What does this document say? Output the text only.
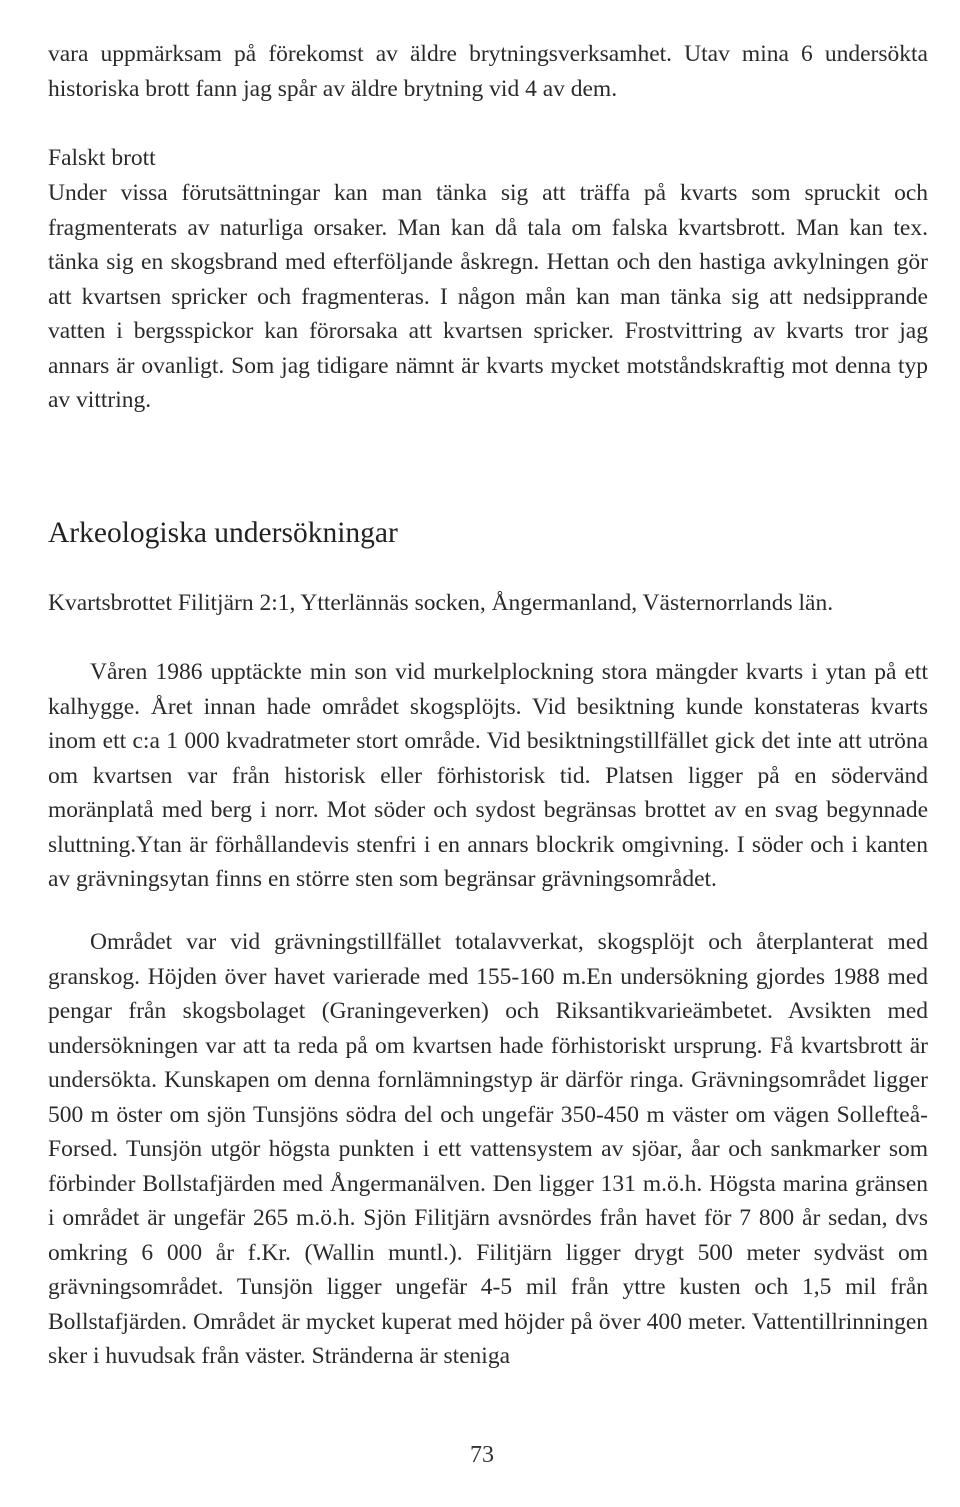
vara uppmärksam på förekomst av äldre brytningsverksamhet. Utav mina 6 undersökta historiska brott fann jag spår av äldre brytning vid 4 av dem.

Falskt brott

Under vissa förutsättningar kan man tänka sig att träffa på kvarts som spruckit och fragmenterats av naturliga orsaker. Man kan då tala om falska kvartsbrott. Man kan tex. tänka sig en skogsbrand med efterföljande åskregn. Hettan och den hastiga avkylningen gör att kvartsen spricker och fragmenteras. I någon mån kan man tänka sig att nedsipprande vatten i bergsspickor kan förorsaka att kvartsen spricker. Frostvittring av kvarts tror jag annars är ovanligt. Som jag tidigare nämnt är kvarts mycket motståndskraftig mot denna typ av vittring.

Arkeologiska undersökningar

Kvartsbrottet Filitjärn 2:1, Ytterlännäs socken, Ångermanland, Västernorrlands län.

Våren 1986 upptäckte min son vid murkelplockning stora mängder kvarts i ytan på ett kalhygge. Året innan hade området skogsplöjts. Vid besiktning kunde konstateras kvarts inom ett c:a 1 000 kvadratmeter stort område. Vid besiktningstillfället gick det inte att utröna om kvartsen var från historisk eller förhistorisk tid. Platsen ligger på en södervänd moränplatå med berg i norr. Mot söder och sydost begränsas brottet av en svag begynnade sluttning.Ytan är förhållandevis stenfri i en annars blockrik omgivning. I söder och i kanten av grävningsytan finns en större sten som begränsar grävningsområdet.

Området var vid grävningstillfället totalavverkat, skogsplöjt och återplanterat med granskog. Höjden över havet varierade med 155-160 m.En undersökning gjordes 1988 med pengar från skogsbolaget (Graningeverken) och Riksantikvarieämbetet. Avsikten med undersökningen var att ta reda på om kvartsen hade förhistoriskt ursprung. Få kvartsbrott är undersökta. Kunskapen om denna fornlämningstyp är därför ringa. Grävningsområdet ligger 500 m öster om sjön Tunsjöns södra del och ungefär 350-450 m väster om vägen Sollefteå-Forsed. Tunsjön utgör högsta punkten i ett vattensystem av sjöar, åar och sankmarker som förbinder Bollstafjärden med Ångermanälven. Den ligger 131 m.ö.h. Högsta marina gränsen i området är ungefär 265 m.ö.h. Sjön Filitjärn avsnördes från havet för 7 800 år sedan, dvs omkring 6 000 år f.Kr. (Wallin muntl.). Filitjärn ligger drygt 500 meter sydväst om grävningsområdet. Tunsjön ligger ungefär 4-5 mil från yttre kusten och 1,5 mil från Bollstafjärden. Området är mycket kuperat med höjder på över 400 meter. Vattentillrinningen sker i huvudsak från väster. Stränderna är steniga

73
